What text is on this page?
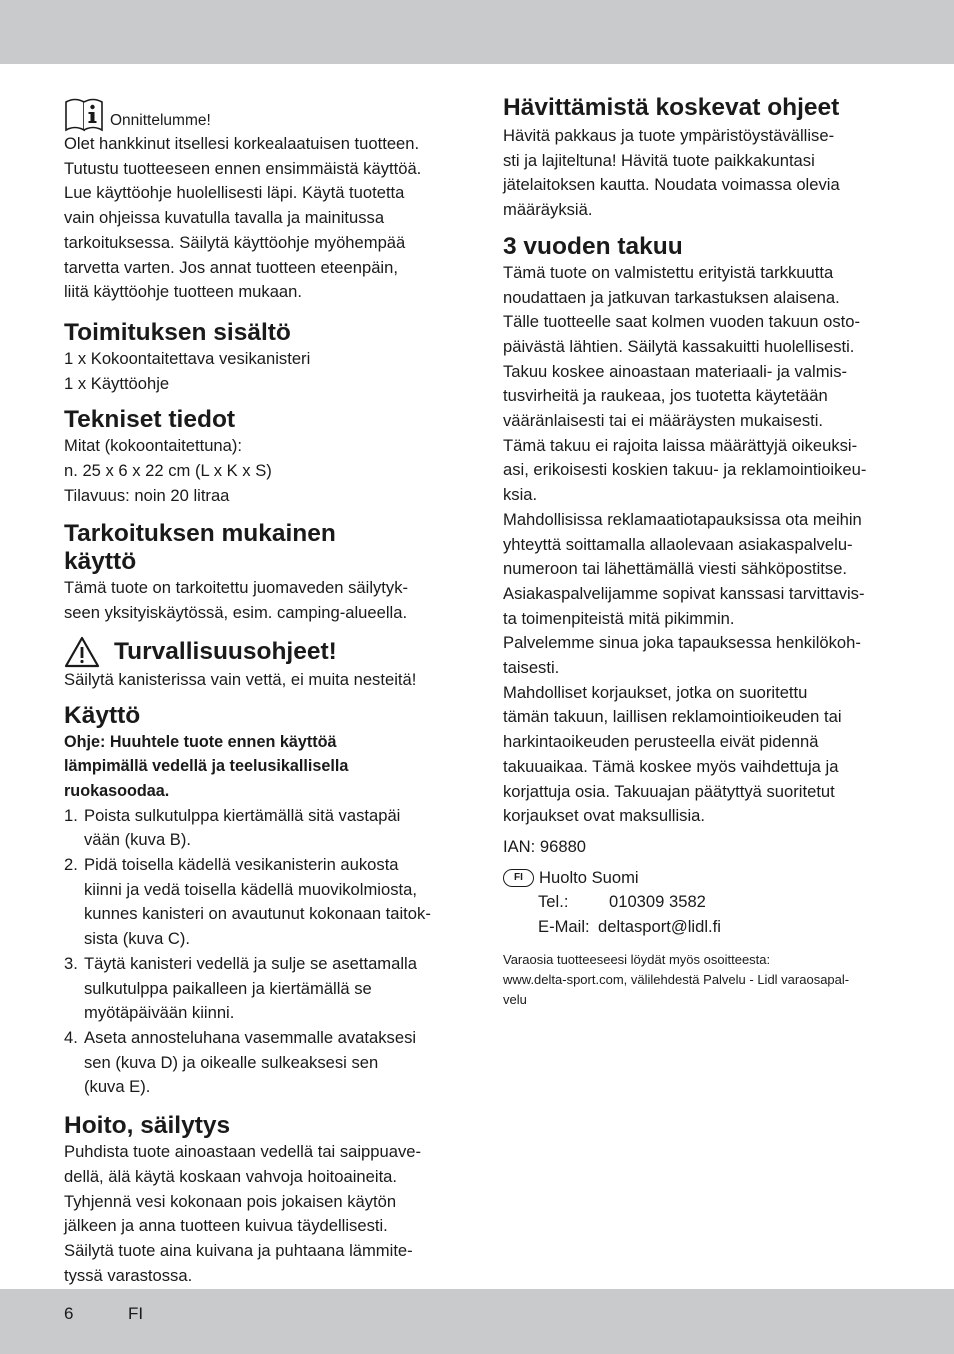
Onnittelumme!

Olet hankkinut itsellesi korkealaatuisen tuotteen.

Tutustu tuotteeseen ennen ensimmäistä käyttöä.

Lue käyttöohje huolellisesti läpi. Käytä tuotetta

vain ohjeissa kuvatulla tavalla ja mainitussa

tarkoituksessa. Säilytä käyttöohje myöhempää

tarvetta varten. Jos annat tuotteen eteenpäin,

liitä käyttöohje tuotteen mukaan.

Toimituksen sisältö

1 x Kokoontaitettava vesikanisteri

1 x Käyttöohje

Tekniset tiedot

Mitat (kokoontaitettuna):

n. 25 x 6 x 22 cm (L x K x S)

Tilavuus: noin 20 litraa

Tarkoituksen mukainen
käyttö

Tämä tuote on tarkoitettu juomaveden säilytyk-

seen yksityiskäytössä, esim. camping-alueella.

Turvallisuusohjeet!

Säilytä kanisterissa vain vettä, ei muita nesteitä!

Käyttö

Ohje: Huuhtele tuote ennen käyttöä

lämpimällä vedellä ja teelusikallisella

ruokasoodaa.

1. Poista sulkutulppa kiertämällä sitä vastapäi
vään (kuva B).
2. Pidä toisella kädellä vesikanisterin aukosta
kiinni ja vedä toisella kädellä muovikolmiosta,
kunnes kanisteri on avautunut kokonaan taitok-
sista (kuva C).
3. Täytä kanisteri vedellä ja sulje se asettamalla
sulkutulppa paikalleen ja kiertämällä se
myötäpäivään kiinni.
4. Aseta annosteluhana vasemmalle avataksesi
sen (kuva D) ja oikealle sulkeaksesi sen
(kuva E).
Hoito, säilytys

Puhdista tuote ainoastaan vedellä tai saippuave-

dellä, älä käytä koskaan vahvoja hoitoaineita.

Tyhjennä vesi kokonaan pois jokaisen käytön

jälkeen ja anna tuotteen kuivua täydellisesti.

Säilytä tuote aina kuivana ja puhtaana lämmite-

tyssä varastossa.

Hävittämistä koskevat ohjeet

Hävitä pakkaus ja tuote ympäristöystävällise-

sti ja lajiteltuna! Hävitä tuote paikkakuntasi

jätelaitoksen kautta. Noudata voimassa olevia

määräyksiä.

3 vuoden takuu

Tämä tuote on valmistettu erityistä tarkkuutta

noudattaen ja jatkuvan tarkastuksen alaisena.

Tälle tuotteelle saat kolmen vuoden takuun osto-

päivästä lähtien. Säilytä kassakuitti huolellisesti.

Takuu koskee ainoastaan materiaali- ja valmis-

tusvirheitä ja raukeaa, jos tuotetta käytetään

vääränlaisesti tai ei määräysten mukaisesti.

Tämä takuu ei rajoita laissa määrättyjä oikeuksi-

asi, erikoisesti koskien takuu- ja reklamointioikeu-

ksia.

Mahdollisissa reklamaatiotapauksissa ota meihin

yhteyttä soittamalla allaolevaan asiakaspalvelu-

numeroon tai lähettämällä viesti sähköpostitse.

Asiakaspalvelijamme sopivat kanssasi tarvittavis-

ta toimenpiteistä mitä pikimmin.

Palvelemme sinua joka tapauksessa henkilökoh-

taisesti.

Mahdolliset korjaukset, jotka on suoritettu

tämän takuun, laillisen reklamointioikeuden tai

harkintaoikeuden perusteella eivät pidennä

takuuaikaa. Tämä koskee myös vaihdettuja ja

korjattuja osia. Takuuajan päätyttyä suoritetut

korjaukset ovat maksullisia.

IAN: 96880

FI Huolto Suomi
Tel.:	010309 3582
E-Mail: deltasport@lidl.fi

Varaosia tuotteeseesi löydät myös osoitteesta:

www.delta-sport.com, välilehdestä Palvelu - Lidl varaosapal-

velu

6	FI
